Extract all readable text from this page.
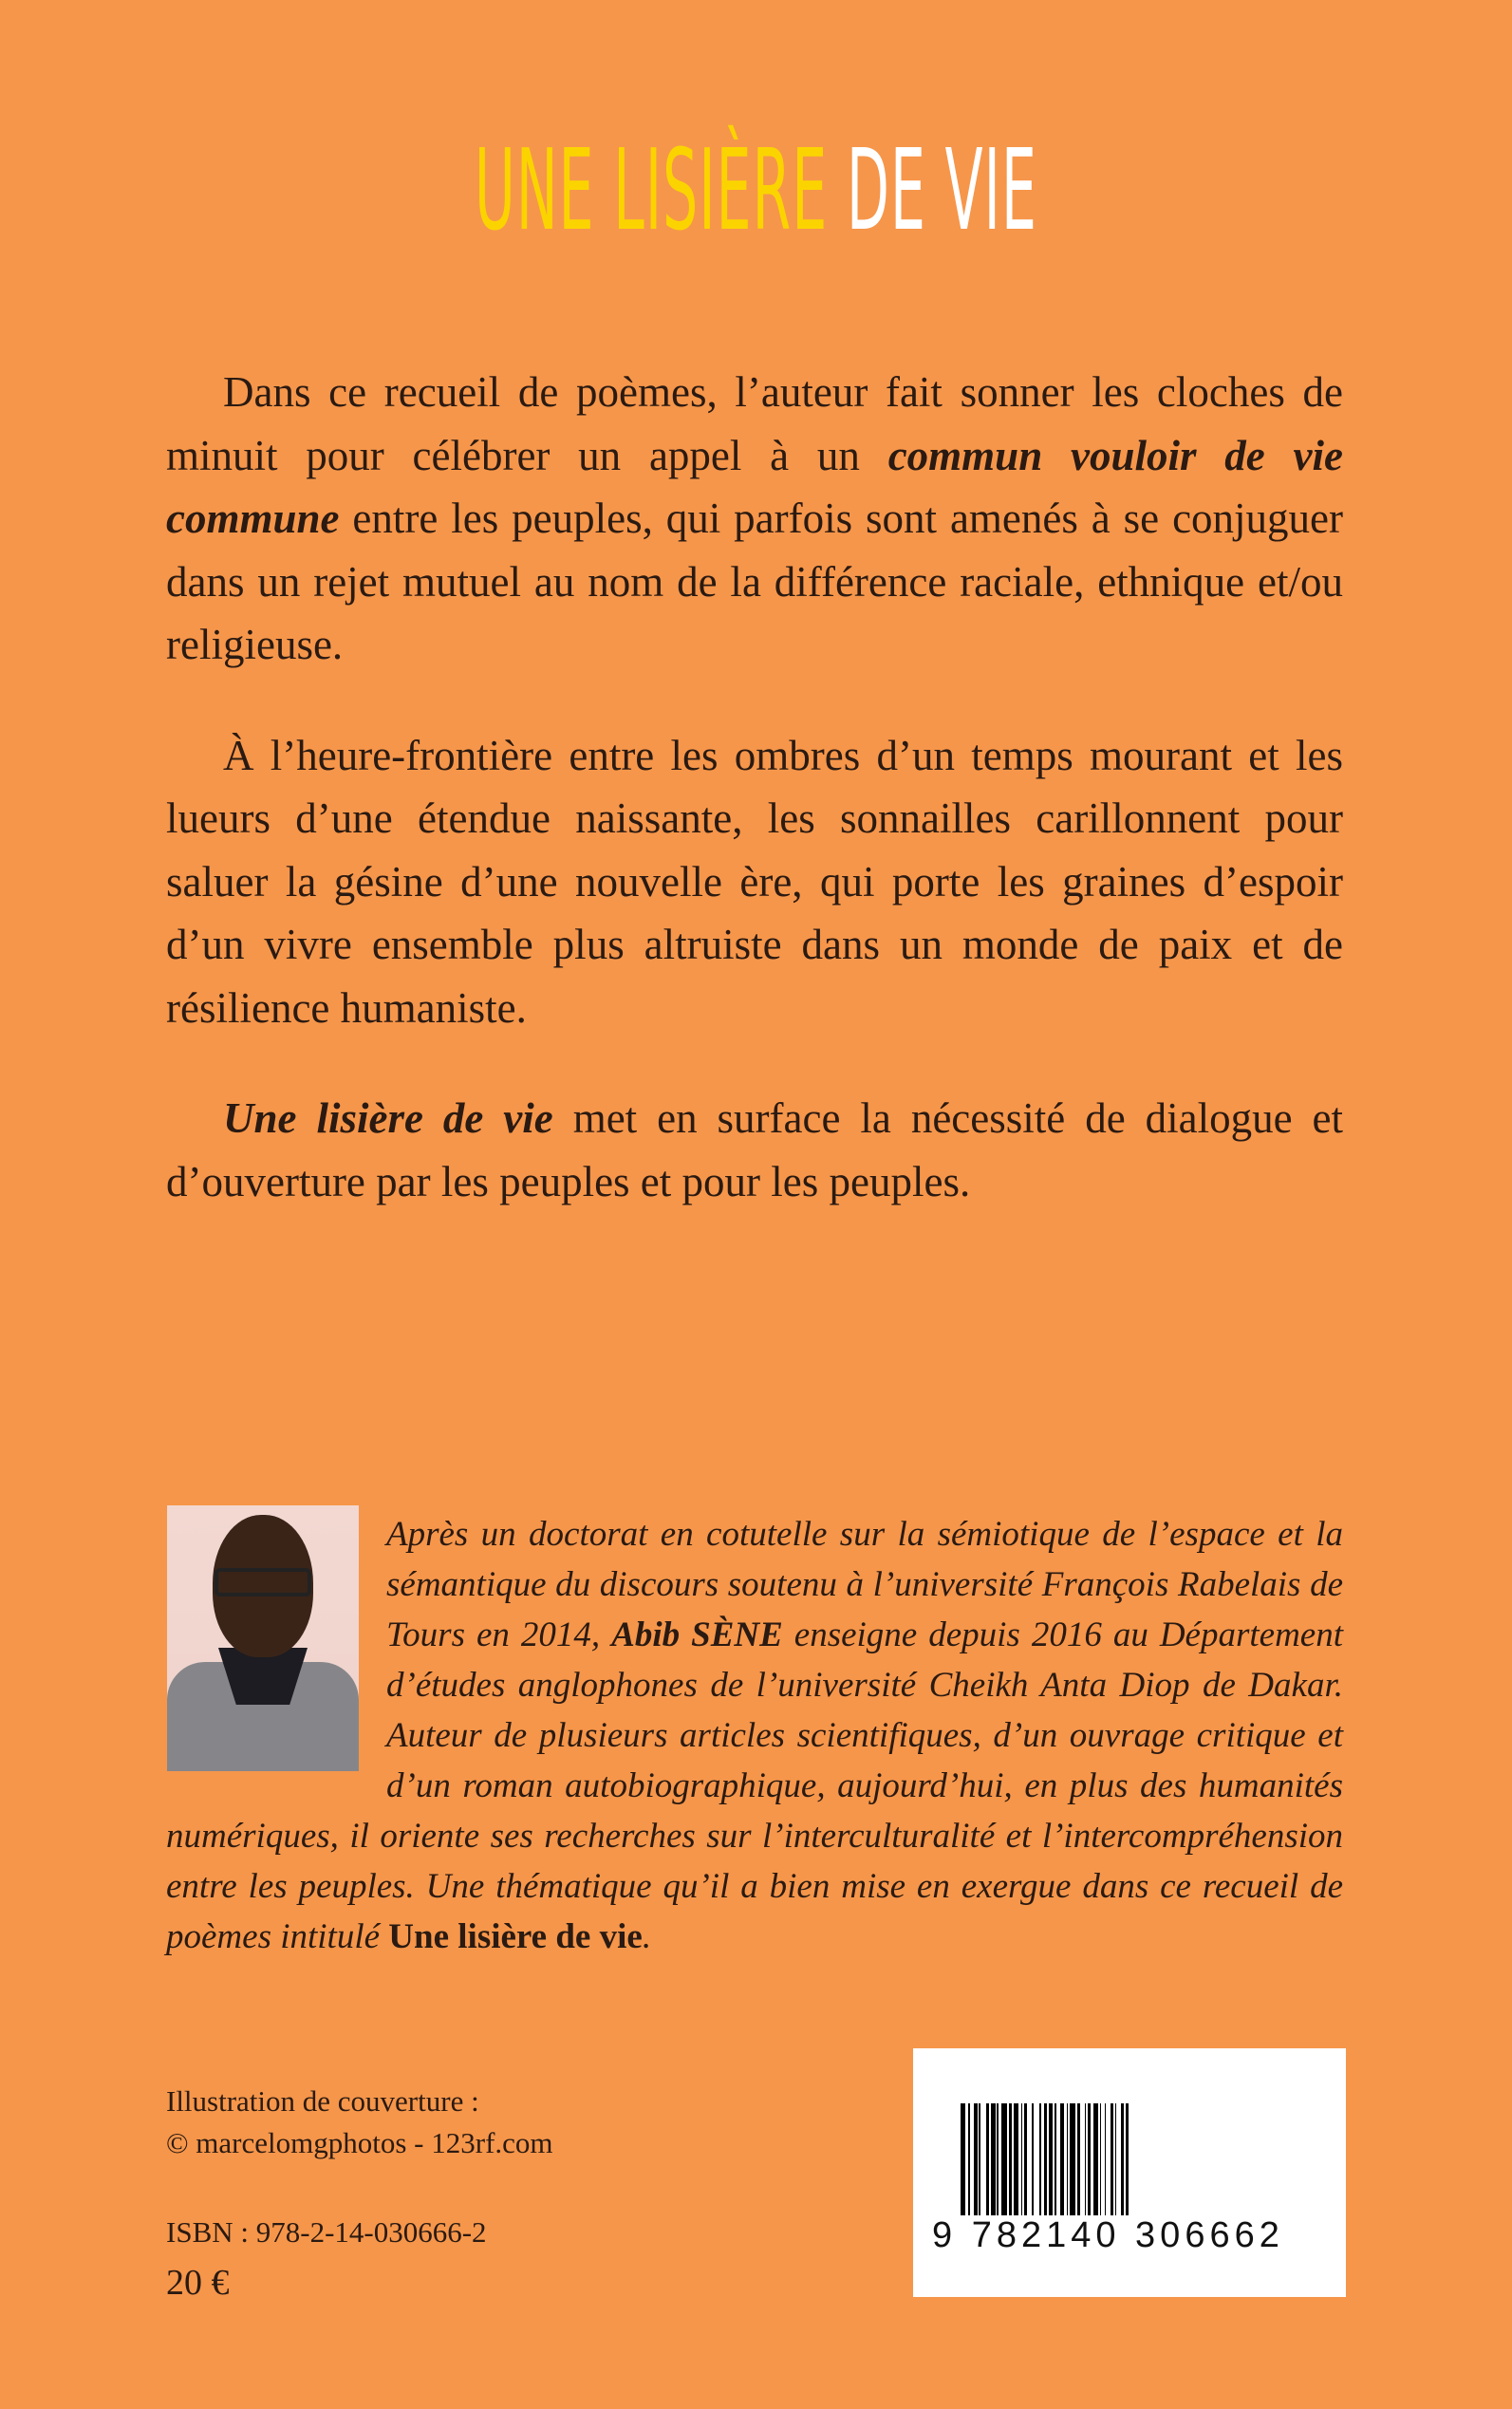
UNE LISIÈRE DE VIE

Dans ce recueil de poèmes, l’auteur fait sonner les cloches de minuit pour célébrer un appel à un commun vouloir de vie commune entre les peuples, qui parfois sont amenés à se conjuguer dans un rejet mutuel au nom de la différence raciale, ethnique et/ou religieuse.

À l’heure-frontière entre les ombres d’un temps mourant et les lueurs d’une étendue naissante, les sonnailles carillonnent pour saluer la gésine d’une nouvelle ère, qui porte les graines d’espoir d’un vivre ensemble plus altruiste dans un monde de paix et de résilience humaniste.

Une lisière de vie met en surface la nécessité de dialogue et d’ouverture par les peuples et pour les peuples.

Après un doctorat en cotutelle sur la sémiotique de l’espace et la sémantique du discours soutenu à l’université François Rabelais de Tours en 2014, Abib SÈNE enseigne depuis 2016 au Département d’études anglophones de l’université Cheikh Anta Diop de Dakar. Auteur de plusieurs articles scientifiques, d’un ouvrage critique et d’un roman autobiographique, aujourd’hui, en plus des humanités numériques, il oriente ses recherches sur l’interculturalité et l’intercompréhension entre les peuples. Une thématique qu’il a bien mise en exergue dans ce recueil de poèmes intitulé Une lisière de vie.
Illustration de couverture :
© marcelomgphotos - 123rf.com
ISBN : 978-2-14-030666-2
20 €
9 782140 306662
